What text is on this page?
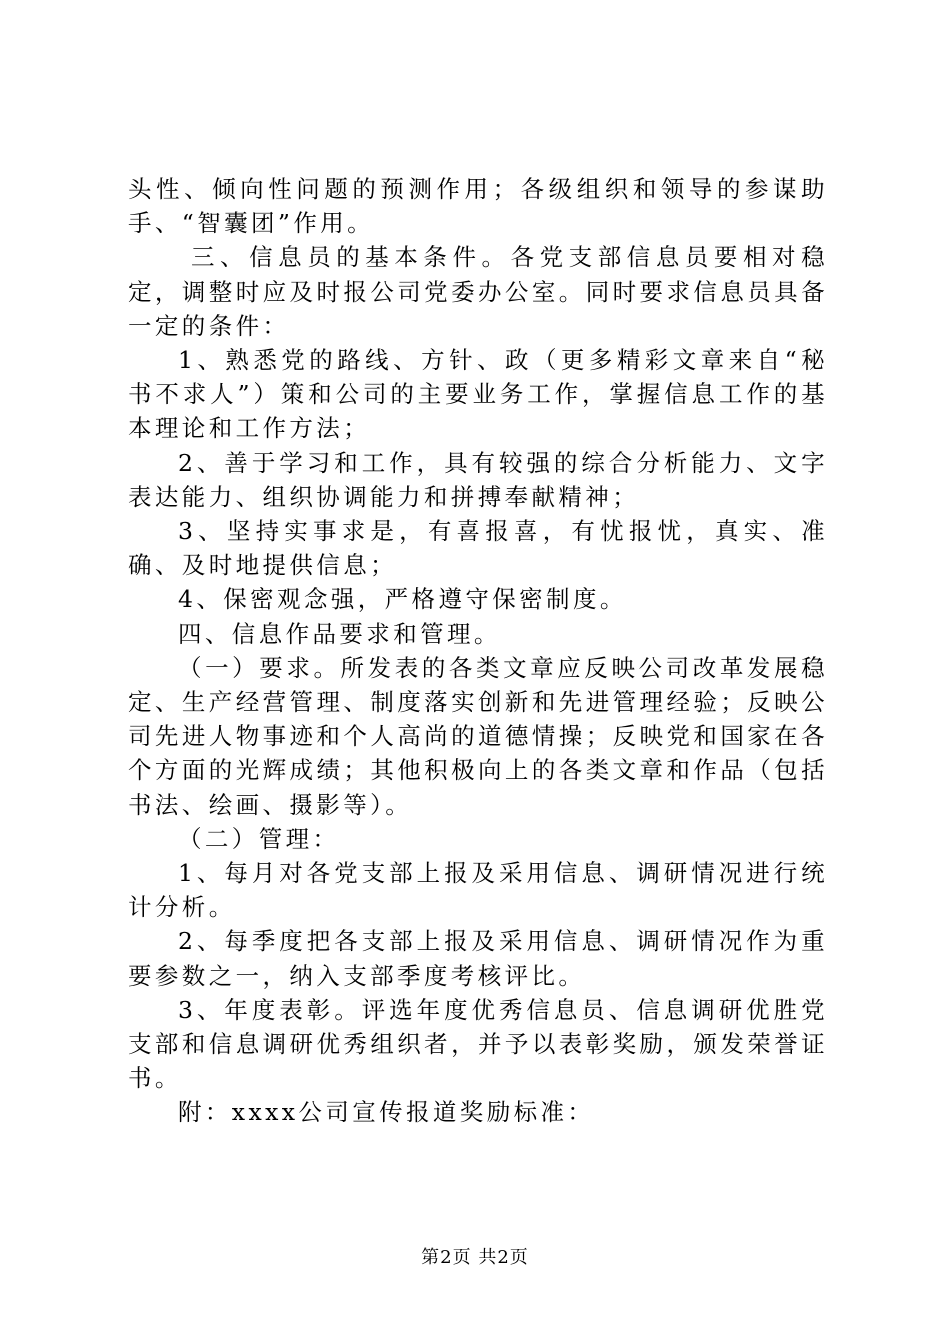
头性、倾向性问题的预测作用；各级组织和领导的参谋助手、“智囊团”作用。

三、信息员的基本条件。各党支部信息员要相对稳定，调整时应及时报公司党委办公室。同时要求信息员具备一定的条件：

1、熟悉党的路线、方针、政（更多精彩文章来自“秘书不求人”）策和公司的主要业务工作，掌握信息工作的基本理论和工作方法；

2、善于学习和工作，具有较强的综合分析能力、文字表达能力、组织协调能力和拼搏奉献精神；

3、坚持实事求是，有喜报喜，有忧报忧，真实、准确、及时地提供信息；

4、保密观念强，严格遵守保密制度。

四、信息作品要求和管理。

（一）要求。所发表的各类文章应反映公司改革发展稳定、生产经营管理、制度落实创新和先进管理经验；反映公司先进人物事迹和个人高尚的道德情操；反映党和国家在各个方面的光辉成绩；其他积极向上的各类文章和作品（包括书法、绘画、摄影等）。

（二）管理：

1、每月对各党支部上报及采用信息、调研情况进行统计分析。

2、每季度把各支部上报及采用信息、调研情况作为重要参数之一，纳入支部季度考核评比。

3、年度表彰。评选年度优秀信息员、信息调研优胜党支部和信息调研优秀组织者，并予以表彰奖励，颁发荣誉证书。

附：xxxx公司宣传报道奖励标准：

第2页 共2页
